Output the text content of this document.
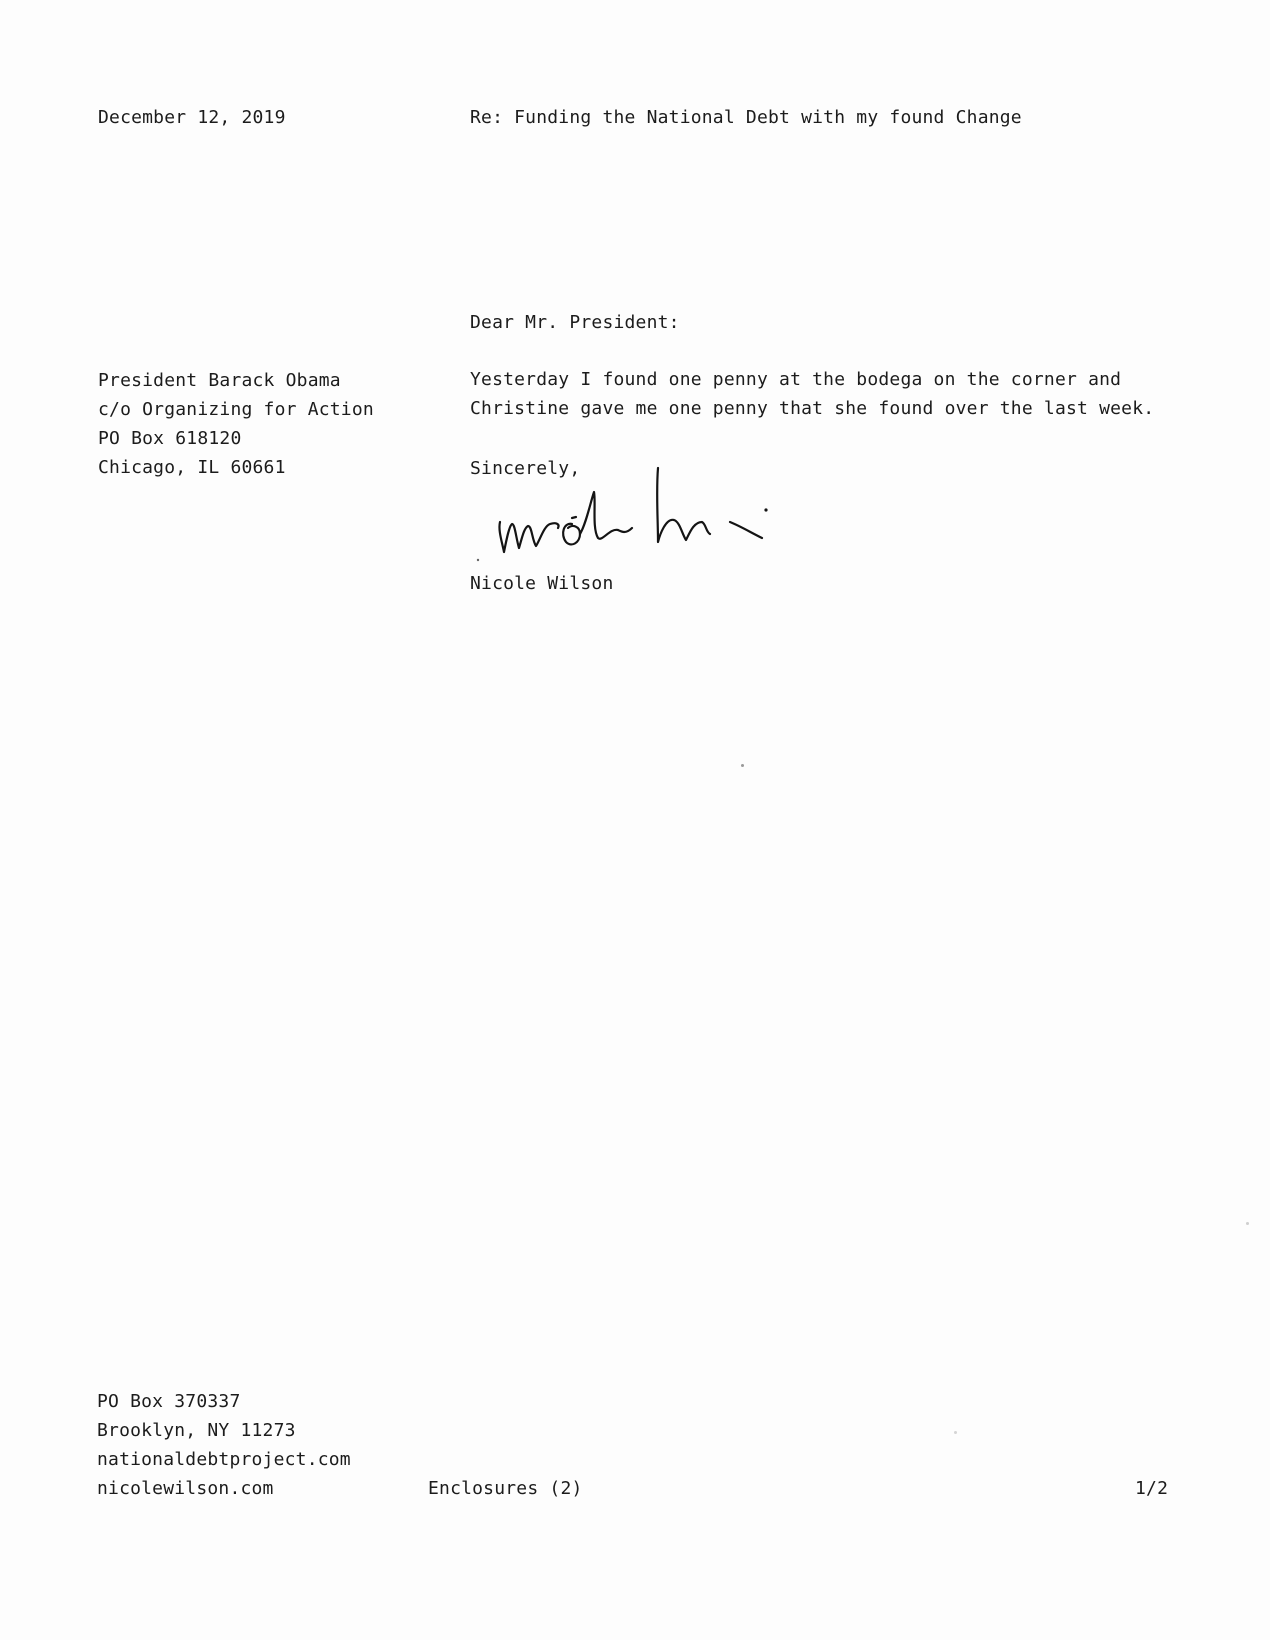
December 12, 2019	Re: Funding the National Debt with my found Change
Dear Mr. President:
President Barack Obama
c/o Organizing for Action
PO Box 618120
Chicago, IL 60661
Yesterday I found one penny at the bodega on the corner and
Christine gave me one penny that she found over the last week.
Sincerely,
Nicole Wilson
PO Box 370337
Brooklyn, NY 11273
nationaldebtproject.com
nicolewilson.com	Enclosures (2)	1/2
